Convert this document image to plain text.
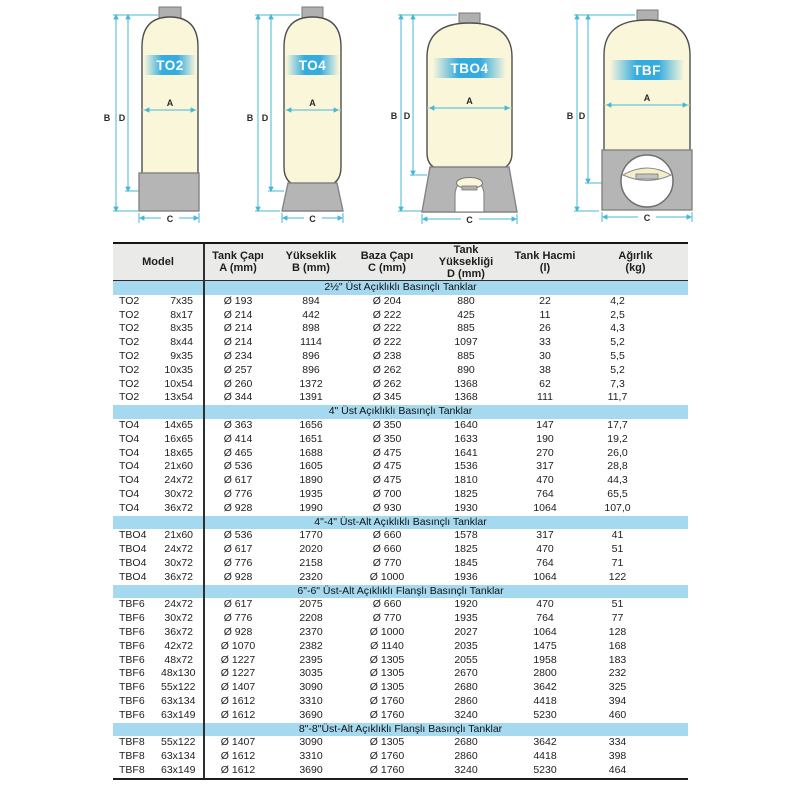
TO2
B D
A
C
TO4
B D
A
C
TBO4
B D
A
C
TBF
B D
A
C
Model	Tank Çapı
A (mm)

Yükseklik
B (mm)

Baza Çapı
C (mm)

Tank Yüksekliği
D (mm)

Tank Hacmi
(l)

Ağırlık
(kg)

2½" Üst Açıklıklı Basınçlı Tanklar							
TO2	7x35	Ø 193	894	Ø 204	880	22	4,2
TO2	8x17	Ø 214	442	Ø 222	425	11	2,5
TO2	8x35	Ø 214	898	Ø 222	885	26	4,3
TO2	8x44	Ø 214	1114	Ø 222	1097	33	5,2
TO2	9x35	Ø 234	896	Ø 238	885	30	5,5
TO2	10x35	Ø 257	896	Ø 262	890	38	5,2
TO2	10x54	Ø 260	1372	Ø 262	1368	62	7,3
TO2	13x54	Ø 344	1391	Ø 345	1368	111	11,7
4" Üst Açıklıklı Basınçlı Tanklar							
TO4	14x65	Ø 363	1656	Ø 350	1640	147	17,7
TO4	16x65	Ø 414	1651	Ø 350	1633	190	19,2
TO4	18x65	Ø 465	1688	Ø 475	1641	270	26,0
TO4	21x60	Ø 536	1605	Ø 475	1536	317	28,8
TO4	24x72	Ø 617	1890	Ø 475	1810	470	44,3
TO4	30x72	Ø 776	1935	Ø 700	1825	764	65,5
TO4	36x72	Ø 928	1990	Ø 930	1930	1064	107,0
4"-4" Üst-Alt Açıklıklı Basınçlı Tanklar							
TBO4	21x60	Ø 536	1770	Ø 660	1578	317	41
TBO4	24x72	Ø 617	2020	Ø 660	1825	470	51
TBO4	30x72	Ø 776	2158	Ø 770	1845	764	71
TBO4	36x72	Ø 928	2320	Ø 1000	1936	1064	122
6"-6" Üst-Alt Açıklıklı Flanşlı Basınçlı Tanklar							
TBF6	24x72	Ø 617	2075	Ø 660	1920	470	51
TBF6	30x72	Ø 776	2208	Ø 770	1935	764	77
TBF6	36x72	Ø 928	2370	Ø 1000	2027	1064	128
TBF6	42x72	Ø 1070	2382	Ø 1140	2035	1475	168
TBF6	48x72	Ø 1227	2395	Ø 1305	2055	1958	183
TBF6	48x130	Ø 1227	3035	Ø 1305	2670	2800	232
TBF6	55x122	Ø 1407	3090	Ø 1305	2680	3642	325
TBF6	63x134	Ø 1612	3310	Ø 1760	2860	4418	394
TBF6	63x149	Ø 1612	3690	Ø 1760	3240	5230	460
8"-8"Üst-Alt Açıklıklı Flanşlı Basınçlı Tanklar							
TBF8	55x122	Ø 1407	3090	Ø 1305	2680	3642	334
TBF8	63x134	Ø 1612	3310	Ø 1760	2860	4418	398
TBF8	63x149	Ø 1612	3690	Ø 1760	3240	5230	464
